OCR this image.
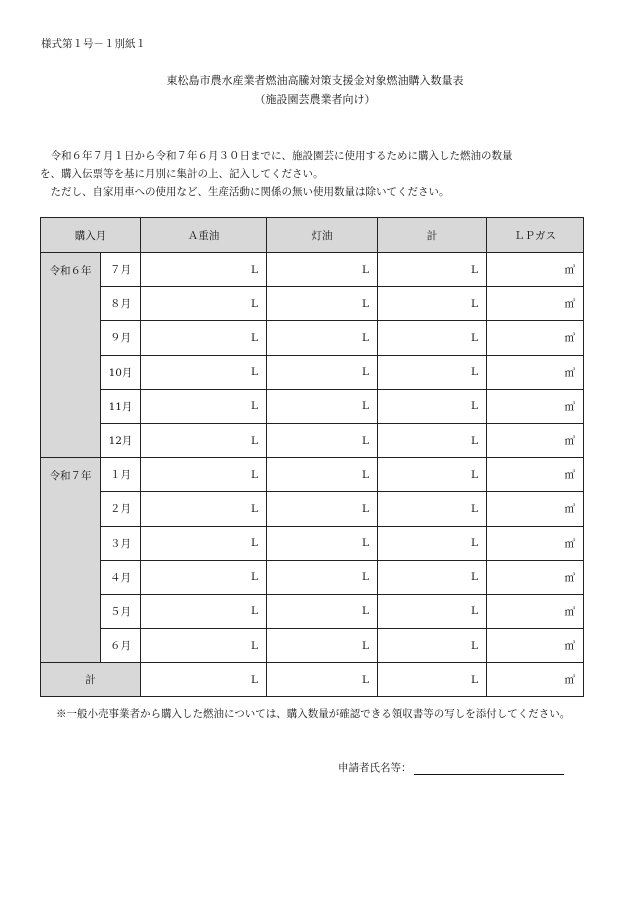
様式第１号－１別紙１
東松島市農水産業者燃油高騰対策支援金対象燃油購入数量表
（施設園芸農業者向け）

令和６年７月１日から令和７年６月３０日までに、施設園芸に使用するために購入した燃油の数量

を、購入伝票等を基に月別に集計の上、記入してください。

ただし、自家用車への使用など、生産活動に関係の無い使用数量は除いてください。

購入月		Ａ重油	灯油	計	ＬＰガス
令和６年	７月	L	L	L	㎥
	８月	L	L	L	㎥
	９月	L	L	L	㎥
	10月	L	L	L	㎥
	11月	L	L	L	㎥
	12月	L	L	L	㎥
令和７年	１月	L	L	L	㎥
	２月	L	L	L	㎥
	３月	L	L	L	㎥
	４月	L	L	L	㎥
	５月	L	L	L	㎥
	６月	L	L	L	㎥
計		L	L	L	㎥
※一般小売事業者から購入した燃油については、購入数量が確認できる領収書等の写しを添付してください。
申請者氏名等：
